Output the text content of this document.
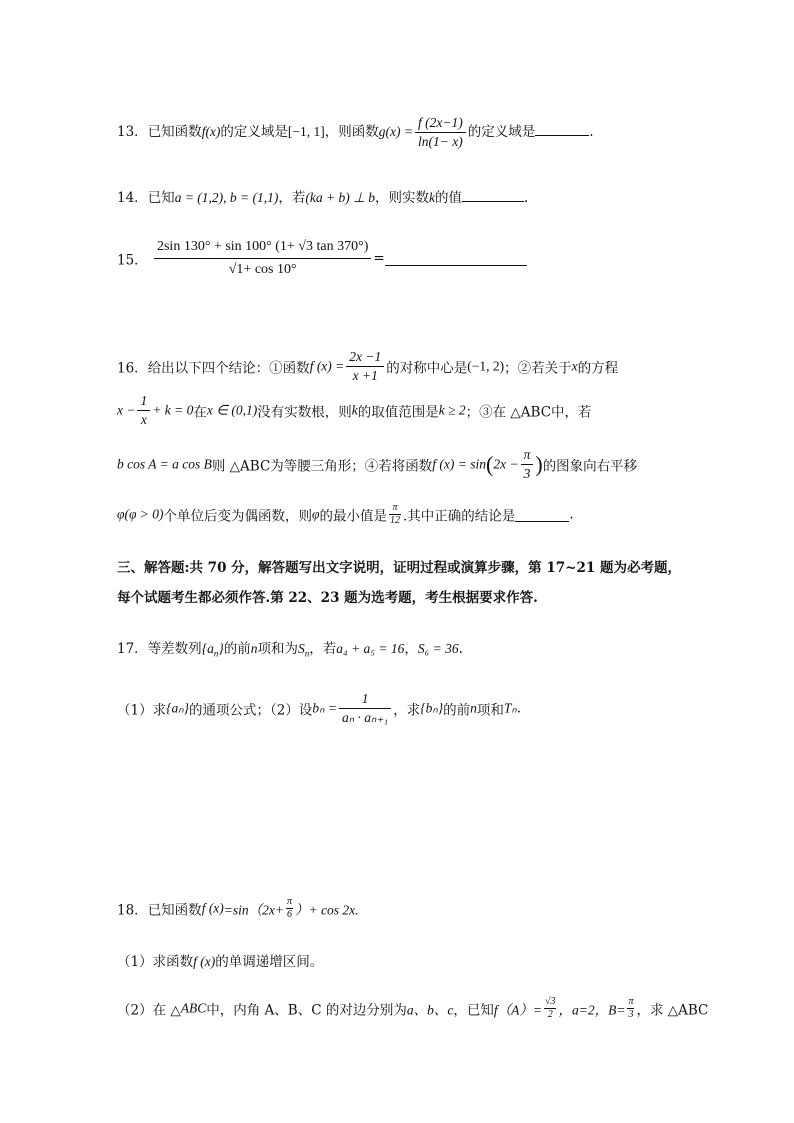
13．已知函数f(x)的定义域是[−1, 1]，则函数$g(x) = \frac{f (2x-1)}{\ln(1- x)}$ 的定义域是	.
14．已知a = (1,2), b = (1,1)，若(ka + b) ⊥ b，则实数k的值	.
15． $\frac{2\sin 130^\circ + \sin 100^\circ (1+ √3 \tan 370^\circ)}{√1+ \cos 10^\circ}$ =
16．给出以下四个结论：①函数f $(x) = \frac{2x -1}{x +1}$ 的对称中心是(−1, 2)；②若关于x的方程
$x - \frac{1}{x} + k = 0$在x ∈ (0,1)没有实数根，则k的取值范围是k ≥ 2；③在 △ABC中，若
b cos A = a cos B则 △ABC为等腰三角形；④若将函数f $(x) = \sin(2x - \frac{\pi}{3}$ )的图象向右平移
φ(φ > 0)个单位后变为偶函数，则φ的最小值是 $\frac{\pi}{12}$ .其中正确的结论是	.
三、解答题:共 70 分，解答题写出文字说明，证明过程或演算步骤，第 17~21 题为必考题，
每个试题考生都必须作答.第 22、23 题为选考题，考生根据要求作答.
17．等差数列$\{a_n\}$的前n项和为$S_n$，若a₄ + a₅ = 16，S₆ = 36.
（1）求{aₙ}的通项公式；（2）设$b_n = \frac{1}{\text{aₙ · aₙ₊₁}}$ ，求{bₙ}的前n项和Tₙ.
18．已知函数f $(x)=\sin(2x+ \frac{\pi}{6}$ ）+ cos 2x.
（1）求函数f (x)的单调递增区间。
（2）在 △ABC中，内角 A、B、C 的对边分别为a、b、c，已知$f(A)= \frac{√3}{2}$ ，a=2，$B= \frac{\pi}{3}$ ，求 △ABC
